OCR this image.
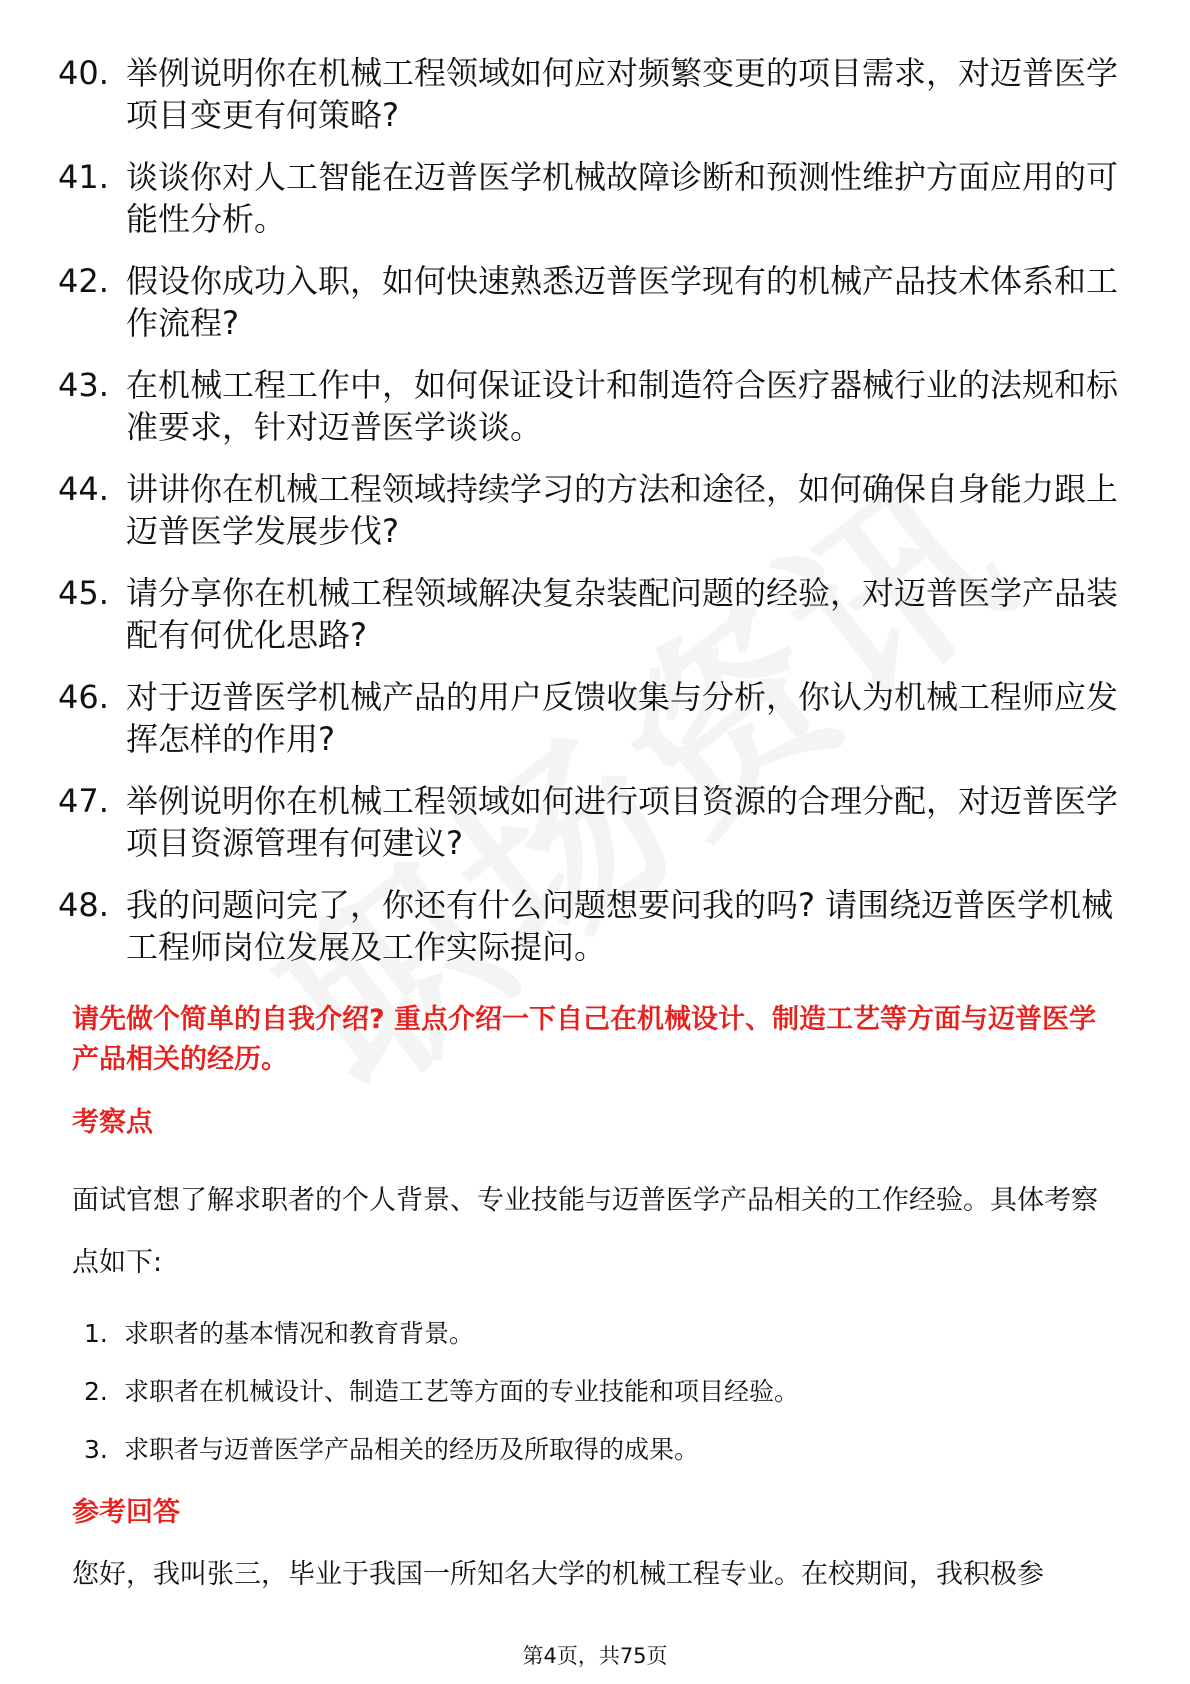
40. 举例说明你在机械工程领域如何应对频繁变更的项目需求，对迈普医学项目变更有何策略?
41. 谈谈你对人工智能在迈普医学机械故障诊断和预测性维护方面应用的可能性分析。
42. 假设你成功入职，如何快速熟悉迈普医学现有的机械产品技术体系和工作流程?
43. 在机械工程工作中，如何保证设计和制造符合医疗器械行业的法规和标准要求，针对迈普医学谈谈。
44. 讲讲你在机械工程领域持续学习的方法和途径，如何确保自身能力跟上迈普医学发展步伐?
45. 请分享你在机械工程领域解决复杂装配问题的经验，对迈普医学产品装配有何优化思路?
46. 对于迈普医学机械产品的用户反馈收集与分析，你认为机械工程师应发挥怎样的作用?
47. 举例说明你在机械工程领域如何进行项目资源的合理分配，对迈普医学项目资源管理有何建议?
48. 我的问题问完了，你还有什么问题想要问我的吗? 请围绕迈普医学机械工程师岗位发展及工作实际提问。

请先做个简单的自我介绍? 重点介绍一下自己在机械设计、制造工艺等方面与迈普医学产品相关的经历。

考察点

面试官想了解求职者的个人背景、专业技能与迈普医学产品相关的工作经验。具体考察点如下:

1. 求职者的基本情况和教育背景。
2. 求职者在机械设计、制造工艺等方面的专业技能和项目经验。
3. 求职者与迈普医学产品相关的经历及所取得的成果。
参考回答

您好，我叫张三，毕业于我国一所知名大学的机械工程专业。在校期间，我积极参

第4页，共75页
